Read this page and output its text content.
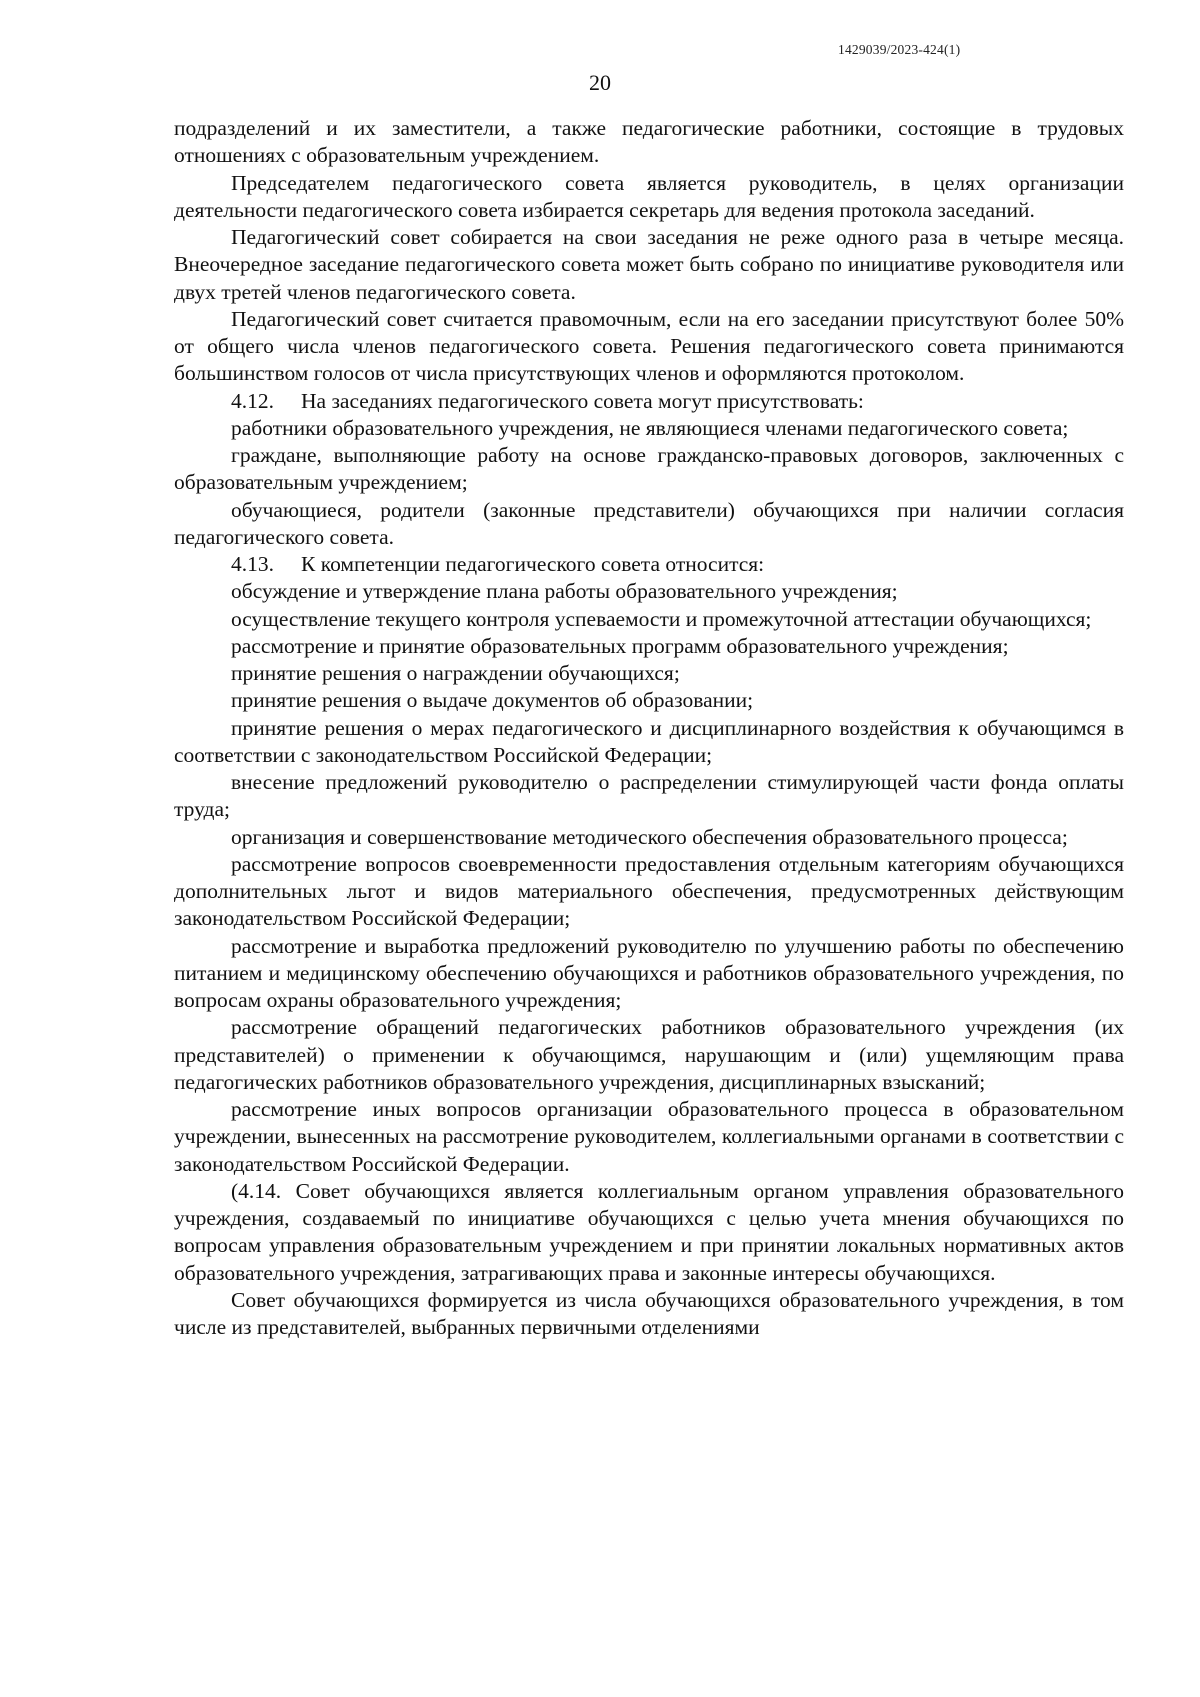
1429039/2023-424(1)
20

подразделений и их заместители, а также педагогические работники, состоящие в трудовых отношениях с образовательным учреждением.

Председателем педагогического совета является руководитель, в целях организации деятельности педагогического совета избирается секретарь для ведения протокола заседаний.

Педагогический совет собирается на свои заседания не реже одного раза в четыре месяца. Внеочередное заседание педагогического совета может быть собрано по инициативе руководителя или двух третей членов педагогического совета.

Педагогический совет считается правомочным, если на его заседании присутствуют более 50% от общего числа членов педагогического совета. Решения педагогического совета принимаются большинством голосов от числа присутствующих членов и оформляются протоколом.

4.12. На заседаниях педагогического совета могут присутствовать:

работники образовательного учреждения, не являющиеся членами педагогического совета;

граждане, выполняющие работу на основе гражданско-правовых договоров, заключенных с образовательным учреждением;

обучающиеся, родители (законные представители) обучающихся при наличии согласия педагогического совета.

4.13. К компетенции педагогического совета относится:

обсуждение и утверждение плана работы образовательного учреждения;

осуществление текущего контроля успеваемости и промежуточной аттестации обучающихся;

рассмотрение и принятие образовательных программ образовательного учреждения;

принятие решения о награждении обучающихся;

принятие решения о выдаче документов об образовании;

принятие решения о мерах педагогического и дисциплинарного воздействия к обучающимся в соответствии с законодательством Российской Федерации;

внесение предложений руководителю о распределении стимулирующей части фонда оплаты труда;

организация и совершенствование методического обеспечения образовательного процесса;

рассмотрение вопросов своевременности предоставления отдельным категориям обучающихся дополнительных льгот и видов материального обеспечения, предусмотренных действующим законодательством Российской Федерации;

рассмотрение и выработка предложений руководителю по улучшению работы по обеспечению питанием и медицинскому обеспечению обучающихся и работников образовательного учреждения, по вопросам охраны образовательного учреждения;

рассмотрение обращений педагогических работников образовательного учреждения (их представителей) о применении к обучающимся, нарушающим и (или) ущемляющим права педагогических работников образовательного учреждения, дисциплинарных взысканий;

рассмотрение иных вопросов организации образовательного процесса в образовательном учреждении, вынесенных на рассмотрение руководителем, коллегиальными органами в соответствии с законодательством Российской Федерации.

(4.14. Совет обучающихся является коллегиальным органом управления образовательного учреждения, создаваемый по инициативе обучающихся с целью учета мнения обучающихся по вопросам управления образовательным учреждением и при принятии локальных нормативных актов образовательного учреждения, затрагивающих права и законные интересы обучающихся.

Совет обучающихся формируется из числа обучающихся образовательного учреждения, в том числе из представителей, выбранных первичными отделениями
